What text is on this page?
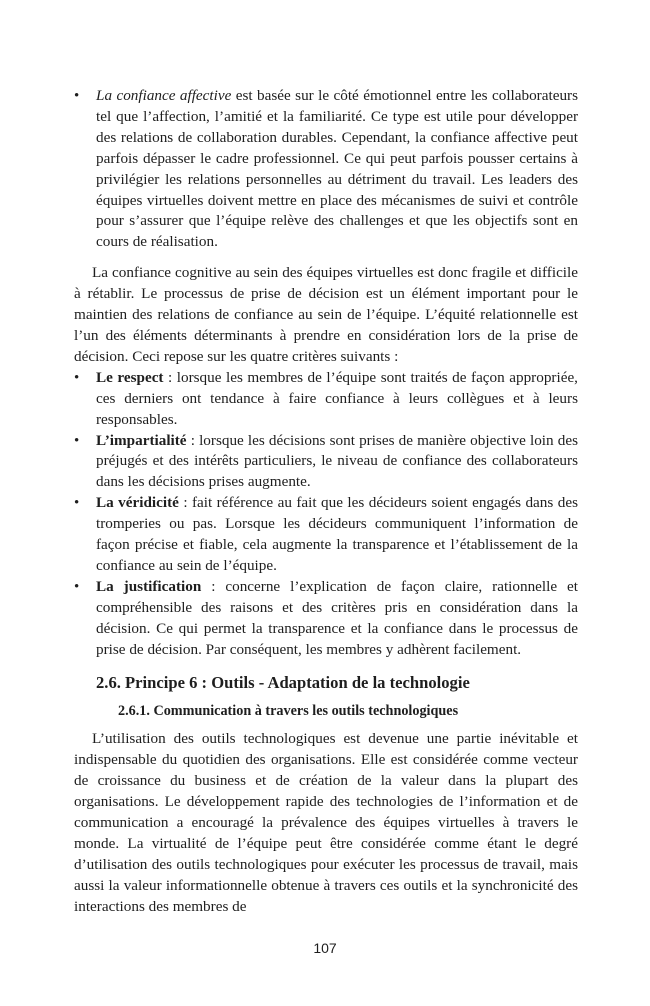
• La confiance affective est basée sur le côté émotionnel entre les collaborateurs tel que l’affection, l’amitié et la familiarité. Ce type est utile pour développer des relations de collaboration durables. Cependant, la confiance affective peut parfois dépasser le cadre professionnel. Ce qui peut parfois pousser certains à privilégier les relations personnelles au détriment du travail. Les leaders des équipes virtuelles doivent mettre en place des mécanismes de suivi et contrôle pour s’assurer que l’équipe relève des challenges et que les objectifs sont en cours de réalisation.

La confiance cognitive au sein des équipes virtuelles est donc fragile et difficile à rétablir. Le processus de prise de décision est un élément important pour le maintien des relations de confiance au sein de l’équipe. L’équité relationnelle est l’un des éléments déterminants à prendre en considération lors de la prise de décision. Ceci repose sur les quatre critères suivants :

• Le respect : lorsque les membres de l’équipe sont traités de façon appropriée, ces derniers ont tendance à faire confiance à leurs collègues et à leurs responsables.
• L’impartialité : lorsque les décisions sont prises de manière objective loin des préjugés et des intérêts particuliers, le niveau de confiance des collaborateurs dans les décisions prises augmente.
• La véridicité : fait référence au fait que les décideurs soient engagés dans des tromperies ou pas. Lorsque les décideurs communiquent l’information de façon précise et fiable, cela augmente la transparence et l’établissement de la confiance au sein de l’équipe.
• La justification : concerne l’explication de façon claire, rationnelle et compréhensible des raisons et des critères pris en considération dans la décision. Ce qui permet la transparence et la confiance dans le processus de prise de décision. Par conséquent, les membres y adhèrent facilement.
2.6. Principe 6 : Outils - Adaptation de la technologie
2.6.1. Communication à travers les outils technologiques

L’utilisation des outils technologiques est devenue une partie inévitable et indispensable du quotidien des organisations. Elle est considérée comme vecteur de croissance du business et de création de la valeur dans la plupart des organisations. Le développement rapide des technologies de l’information et de communication a encouragé la prévalence des équipes virtuelles à travers le monde. La virtualité de l’équipe peut être considérée comme étant le degré d’utilisation des outils technologiques pour exécuter les processus de travail, mais aussi la valeur informationnelle obtenue à travers ces outils et la synchronicité des interactions des membres de

107
